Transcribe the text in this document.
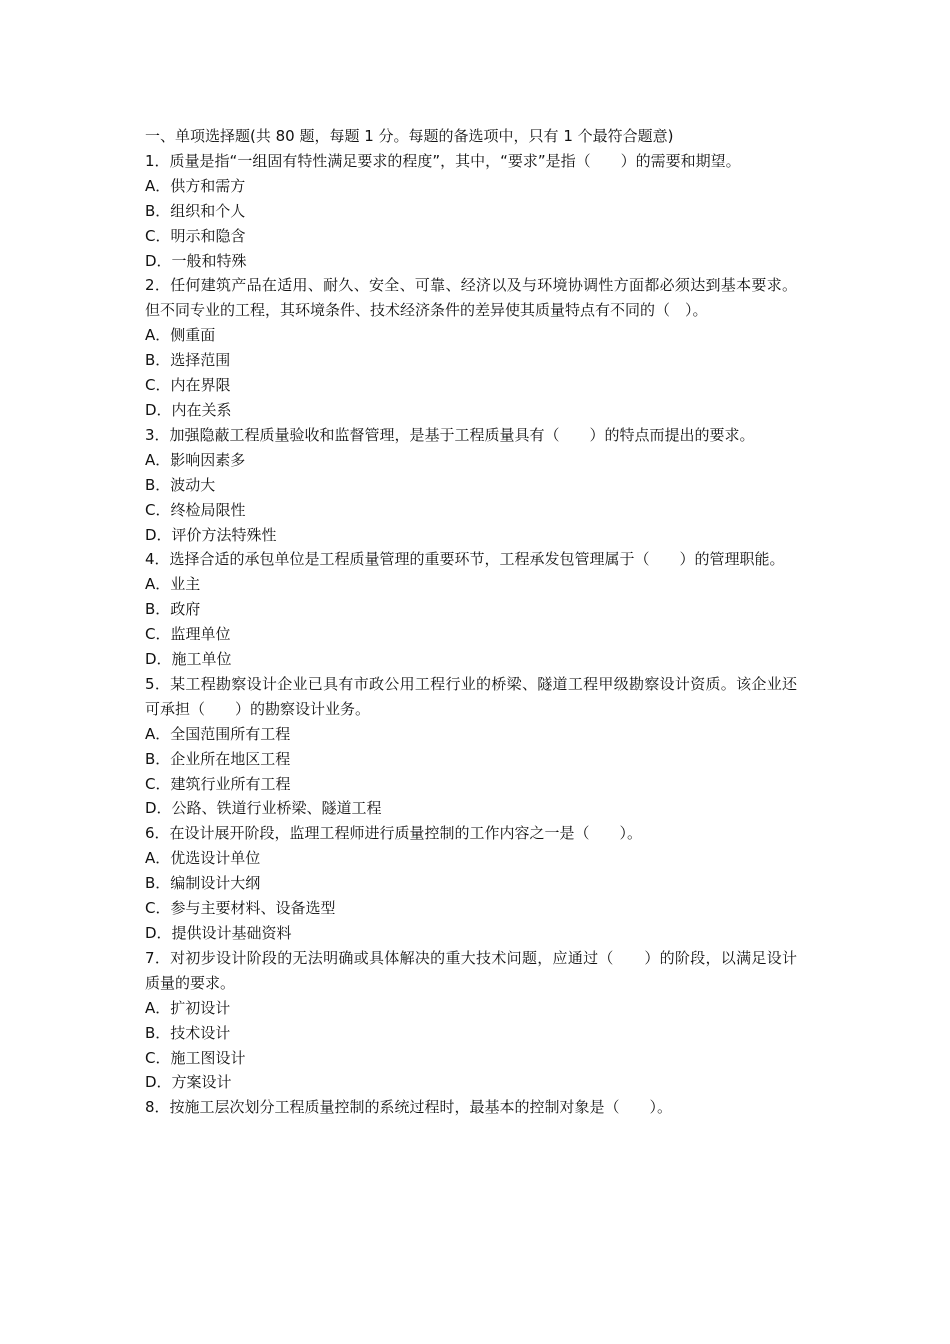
一、单项选择题(共 80 题，每题 1 分。每题的备选项中，只有 1 个最符合题意)

1．质量是指“一组固有特性满足要求的程度”，其中，“要求”是指（　　）的需要和期望。

A．供方和需方

B．组织和个人

C．明示和隐含

D．一般和特殊

2．任何建筑产品在适用、耐久、安全、可靠、经济以及与环境协调性方面都必须达到基本要求。但不同专业的工程，其环境条件、技术经济条件的差异使其质量特点有不同的（　）。

A．侧重面

B．选择范围

C．内在界限

D．内在关系

3．加强隐蔽工程质量验收和监督管理，是基于工程质量具有（　　）的特点而提出的要求。

A．影响因素多

B．波动大

C．终检局限性

D．评价方法特殊性

4．选择合适的承包单位是工程质量管理的重要环节，工程承发包管理属于（　　）的管理职能。

A．业主

B．政府

C．监理单位

D．施工单位

5．某工程勘察设计企业已具有市政公用工程行业的桥梁、隧道工程甲级勘察设计资质。该企业还可承担（　　）的勘察设计业务。

A．全国范围所有工程

B．企业所在地区工程

C．建筑行业所有工程

D．公路、铁道行业桥梁、隧道工程

6．在设计展开阶段，监理工程师进行质量控制的工作内容之一是（　　）。

A．优选设计单位

B．编制设计大纲

C．参与主要材料、设备选型

D．提供设计基础资料

7．对初步设计阶段的无法明确或具体解决的重大技术问题，应通过（　　）的阶段，以满足设计质量的要求。

A．扩初设计

B．技术设计

C．施工图设计

D．方案设计

8．按施工层次划分工程质量控制的系统过程时，最基本的控制对象是（　　）。
